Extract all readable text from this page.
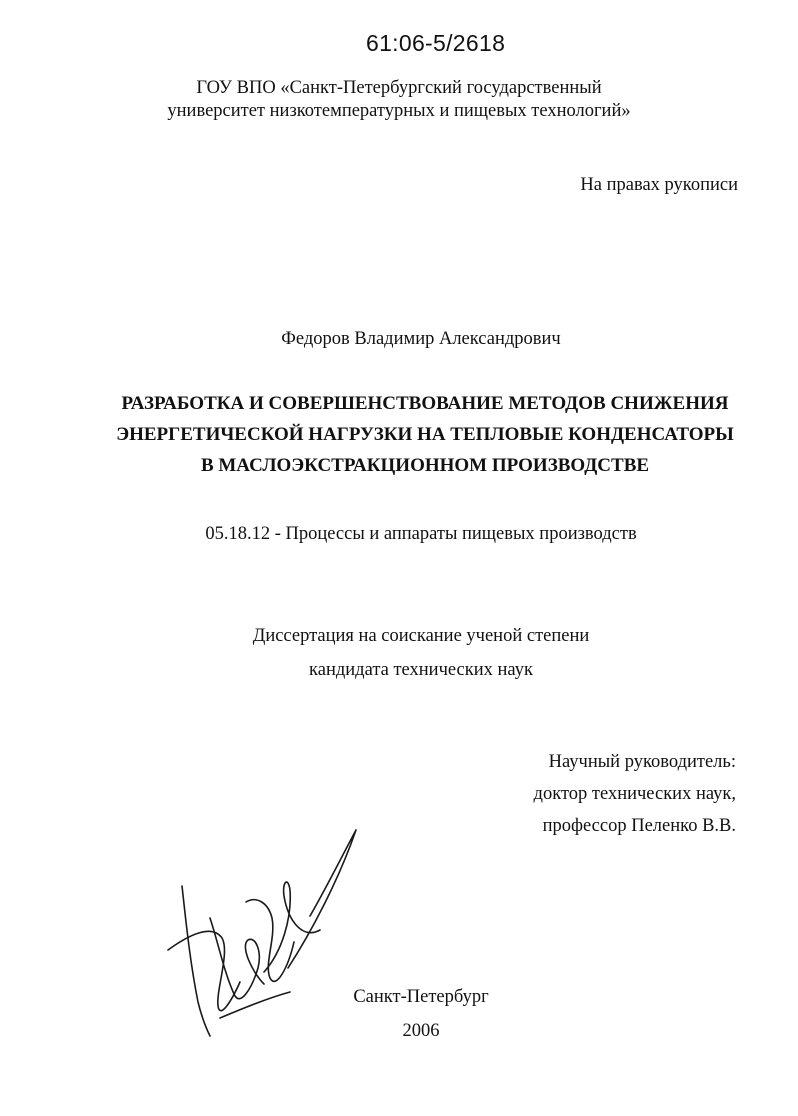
61:06-5/2618
ГОУ ВПО «Санкт-Петербургский государственный
университет низкотемпературных и пищевых технологий»
На правах рукописи
Федоров Владимир Александрович
РАЗРАБОТКА И СОВЕРШЕНСТВОВАНИЕ МЕТОДОВ СНИЖЕНИЯ
ЭНЕРГЕТИЧЕСКОЙ НАГРУЗКИ НА ТЕПЛОВЫЕ КОНДЕНСАТОРЫ
В МАСЛОЭКСТРАКЦИОННОМ ПРОИЗВОДСТВЕ
05.18.12 - Процессы и аппараты пищевых производств
Диссертация на соискание ученой степени
кандидата технических наук
Научный руководитель:
доктор технических наук,
профессор Пеленко В.В.
Санкт-Петербург
2006
